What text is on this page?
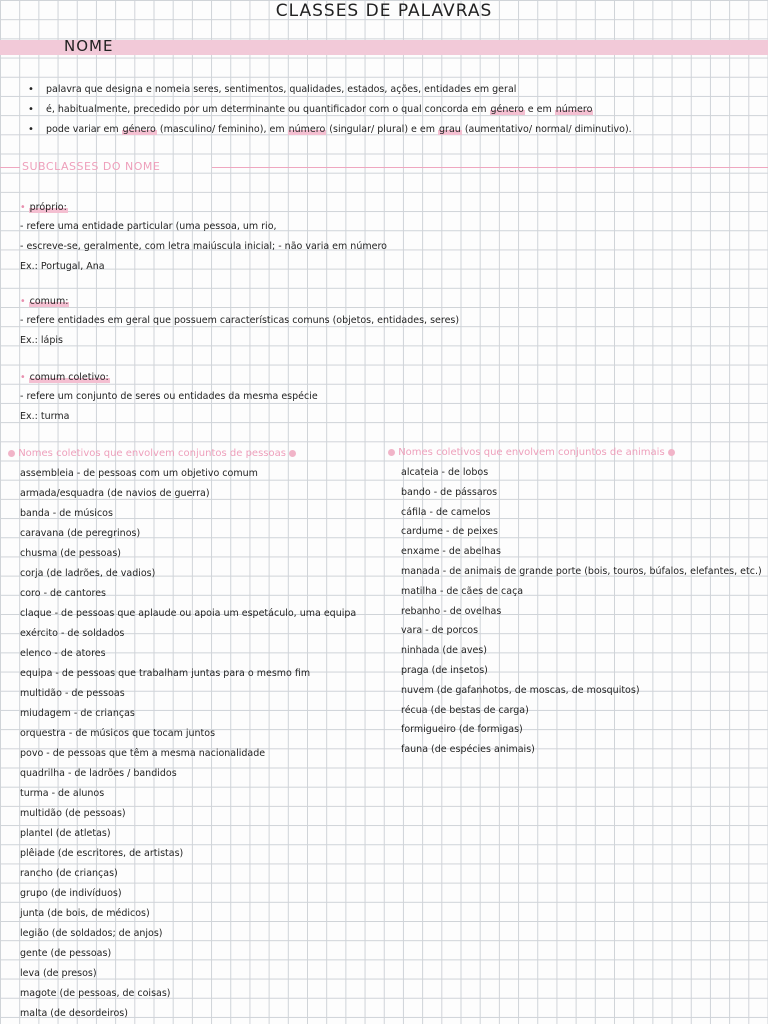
CLASSES DE PALAVRAS
NOME
• palavra que designa e nomeia seres, sentimentos, qualidades, estados, ações, entidades em geral
• é, habitualmente, precedido por um determinante ou quantificador com o qual concorda em género e em número
• pode variar em género (masculino/ feminino), em número (singular/ plural) e em grau (aumentativo/ normal/ diminutivo).
SUBCLASSES DO NOME
• próprio:
- refere uma entidade particular (uma pessoa, um rio,
- escreve-se, geralmente, com letra maiúscula inicial; - não varia em número
Ex.: Portugal, Ana
• comum:
- refere entidades em geral que possuem características comuns (objetos, entidades, seres)
Ex.: lápis
• comum coletivo:
- refere um conjunto de seres ou entidades da mesma espécie
Ex.: turma
Nomes coletivos que envolvem conjuntos de pessoas	Nomes coletivos que envolvem conjuntos de animais
assembleia - de pessoas com um objetivo comum
armada/esquadra (de navios de guerra)
banda - de músicos
caravana (de peregrinos)
chusma (de pessoas)
corja (de ladrões, de vadios)
coro - de cantores
claque - de pessoas que aplaude ou apoia um espetáculo, uma equipa
exército - de soldados
elenco - de atores
equipa - de pessoas que trabalham juntas para o mesmo fim
multidão - de pessoas
miudagem - de crianças
orquestra - de músicos que tocam juntos
povo - de pessoas que têm a mesma nacionalidade
quadrilha - de ladrões / bandidos
turma - de alunos
multidão (de pessoas)
plantel (de atletas)
plêiade (de escritores, de artistas)
rancho (de crianças)
grupo (de indivíduos)
junta (de bois, de médicos)
legião (de soldados; de anjos)
gente (de pessoas)
leva (de presos)
magote (de pessoas, de coisas)
malta (de desordeiros)
alcateia - de lobos
bando - de pássaros
cáfila - de camelos
cardume - de peixes
enxame - de abelhas
manada - de animais de grande porte (bois, touros, búfalos, elefantes, etc.)
matilha - de cães de caça
rebanho - de ovelhas
vara - de porcos
ninhada (de aves)
praga (de insetos)
nuvem (de gafanhotos, de moscas, de mosquitos)
récua (de bestas de carga)
formigueiro (de formigas)
fauna (de espécies animais)
